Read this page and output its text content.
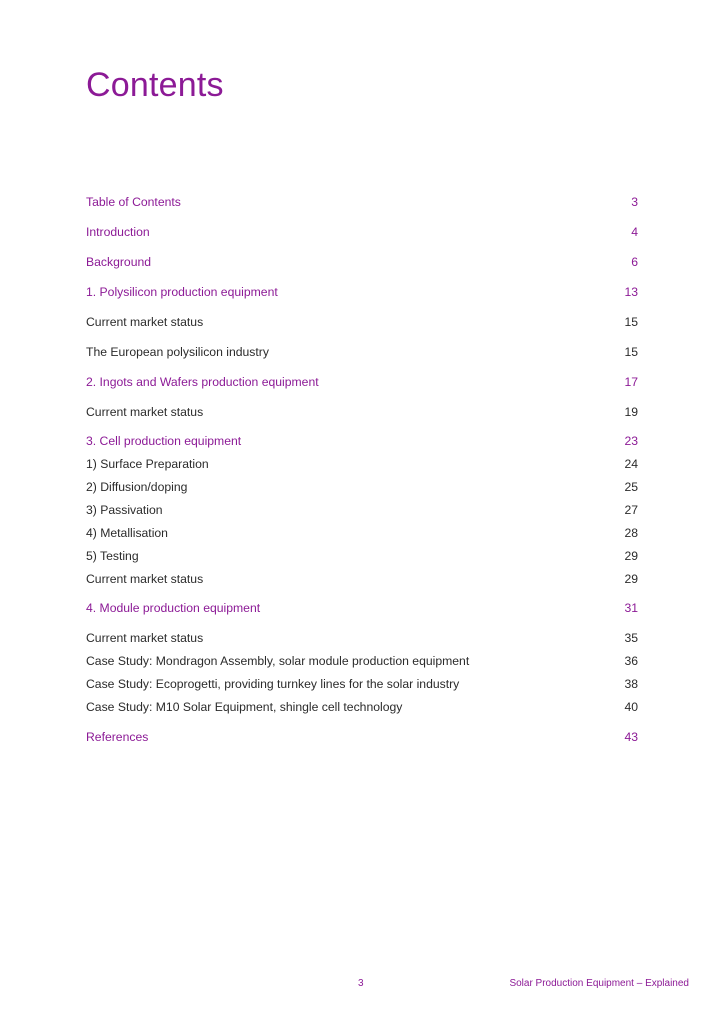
Contents
Table of Contents	3
Introduction	4
Background	6
1. Polysilicon production equipment	13
Current market status	15
The European polysilicon industry	15
2. Ingots and Wafers production equipment	17
Current market status	19
3. Cell production equipment	23
1) Surface Preparation	24
2) Diffusion/doping	25
3) Passivation	27
4) Metallisation	28
5) Testing	29
Current market status	29
4. Module production equipment	31
Current market status	35
Case Study: Mondragon Assembly, solar module production equipment	36
Case Study: Ecoprogetti, providing turnkey lines for the solar industry	38
Case Study: M10 Solar Equipment, shingle cell technology	40
References	43
3	Solar Production Equipment – Explained
